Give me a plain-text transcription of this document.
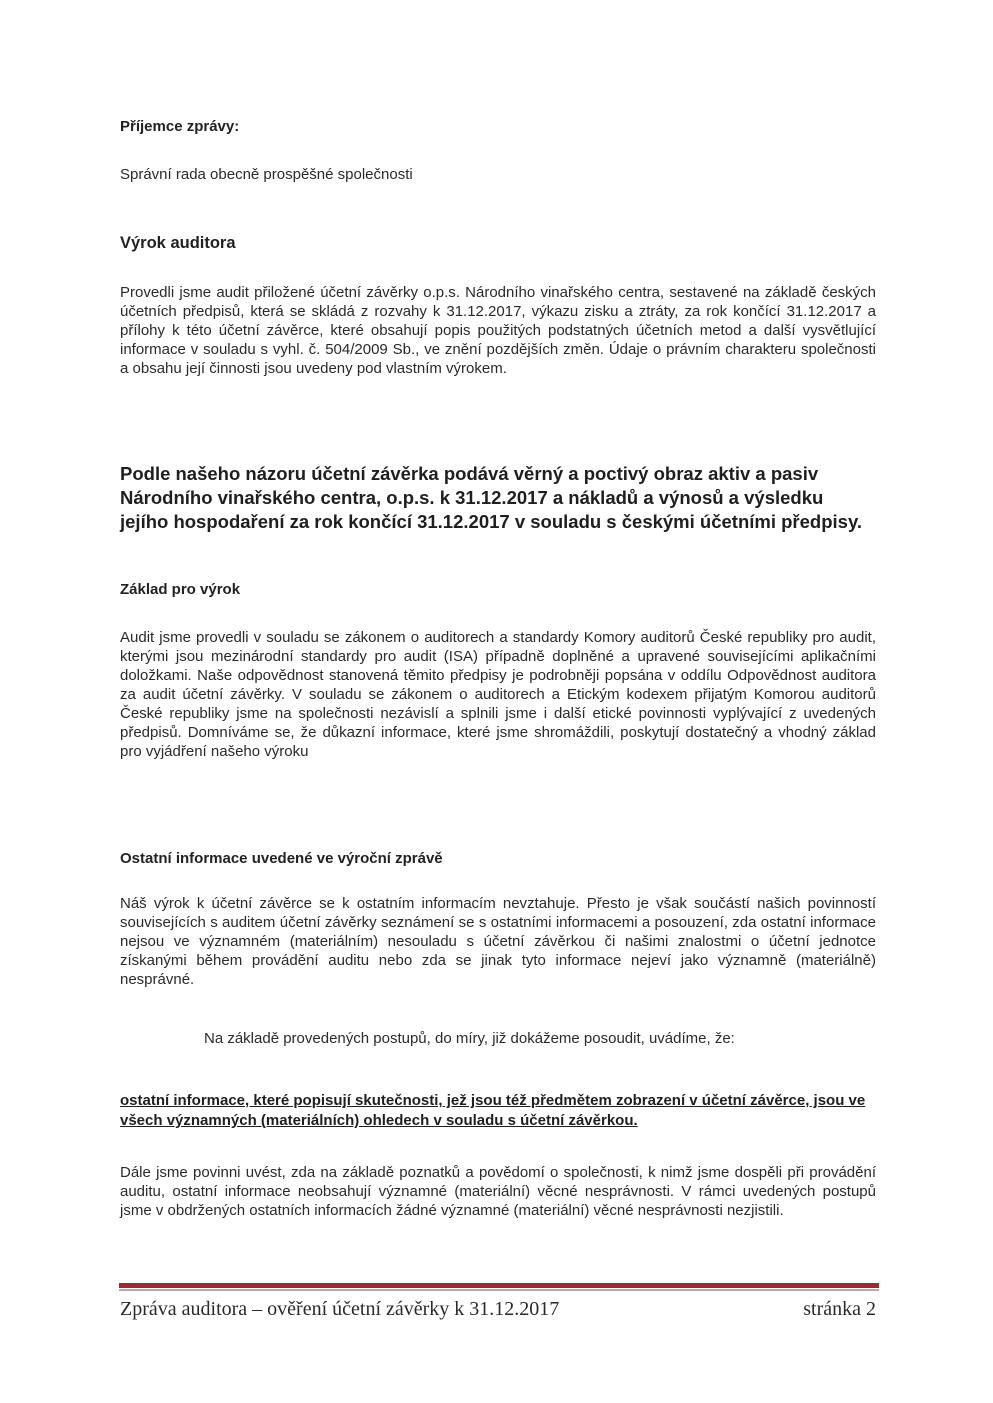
Příjemce zprávy:
Správní rada obecně prospěšné společnosti
Výrok auditora
Provedli jsme audit přiložené účetní závěrky o.p.s. Národního vinařského centra, sestavené na základě českých účetních předpisů, která se skládá z rozvahy k 31.12.2017, výkazu zisku a ztráty, za rok končící 31.12.2017 a přílohy k této účetní závěrce, které obsahují popis použitých podstatných účetních metod a další vysvětlující informace v souladu s vyhl. č. 504/2009 Sb., ve znění pozdějších změn. Údaje o právním charakteru společnosti a obsahu její činnosti jsou uvedeny pod vlastním výrokem.
Podle našeho názoru účetní závěrka podává věrný a poctivý obraz aktiv a pasiv Národního vinařského centra, o.p.s. k 31.12.2017 a nákladů a výnosů a výsledku jejího hospodaření za rok končící 31.12.2017 v souladu s českými účetními předpisy.
Základ pro výrok
Audit jsme provedli v souladu se zákonem o auditorech a standardy Komory auditorů České republiky pro audit, kterými jsou mezinárodní standardy pro audit (ISA) případně doplněné a upravené souvisejícími aplikačními doložkami. Naše odpovědnost stanovená těmito předpisy je podrobněji popsána v oddílu Odpovědnost auditora za audit účetní závěrky. V souladu se zákonem o auditorech a Etickým kodexem přijatým Komorou auditorů České republiky jsme na společnosti nezávislí a splnili jsme i další etické povinnosti vyplývající z uvedených předpisů. Domníváme se, že důkazní informace, které jsme shromáždili, poskytují dostatečný a vhodný základ pro vyjádření našeho výroku
Ostatní informace uvedené ve výroční zprávě
Náš výrok k účetní závěrce se k ostatním informacím nevztahuje. Přesto je však součástí našich povinností souvisejících s auditem účetní závěrky seznámení se s ostatními informacemi a posouzení, zda ostatní informace nejsou ve významném (materiálním) nesouladu s účetní závěrkou či našimi znalostmi o účetní jednotce získanými během provádění auditu nebo zda se jinak tyto informace nejeví jako významně (materiálně) nesprávné.
Na základě provedených postupů, do míry, již dokážeme posoudit, uvádíme, že:
ostatní informace, které popisují skutečnosti, jež jsou též předmětem zobrazení v účetní závěrce, jsou ve všech významných (materiálních) ohledech v souladu s účetní závěrkou.
Dále jsme povinni uvést, zda na základě poznatků a povědomí o společnosti, k nimž jsme dospěli při provádění auditu, ostatní informace neobsahují významné (materiální) věcné nesprávnosti. V rámci uvedených postupů jsme v obdržených ostatních informacích žádné významné (materiální) věcné nesprávnosti nezjistili.
Zpráva auditora – ověření účetní závěrky k 31.12.2017	stránka 2
